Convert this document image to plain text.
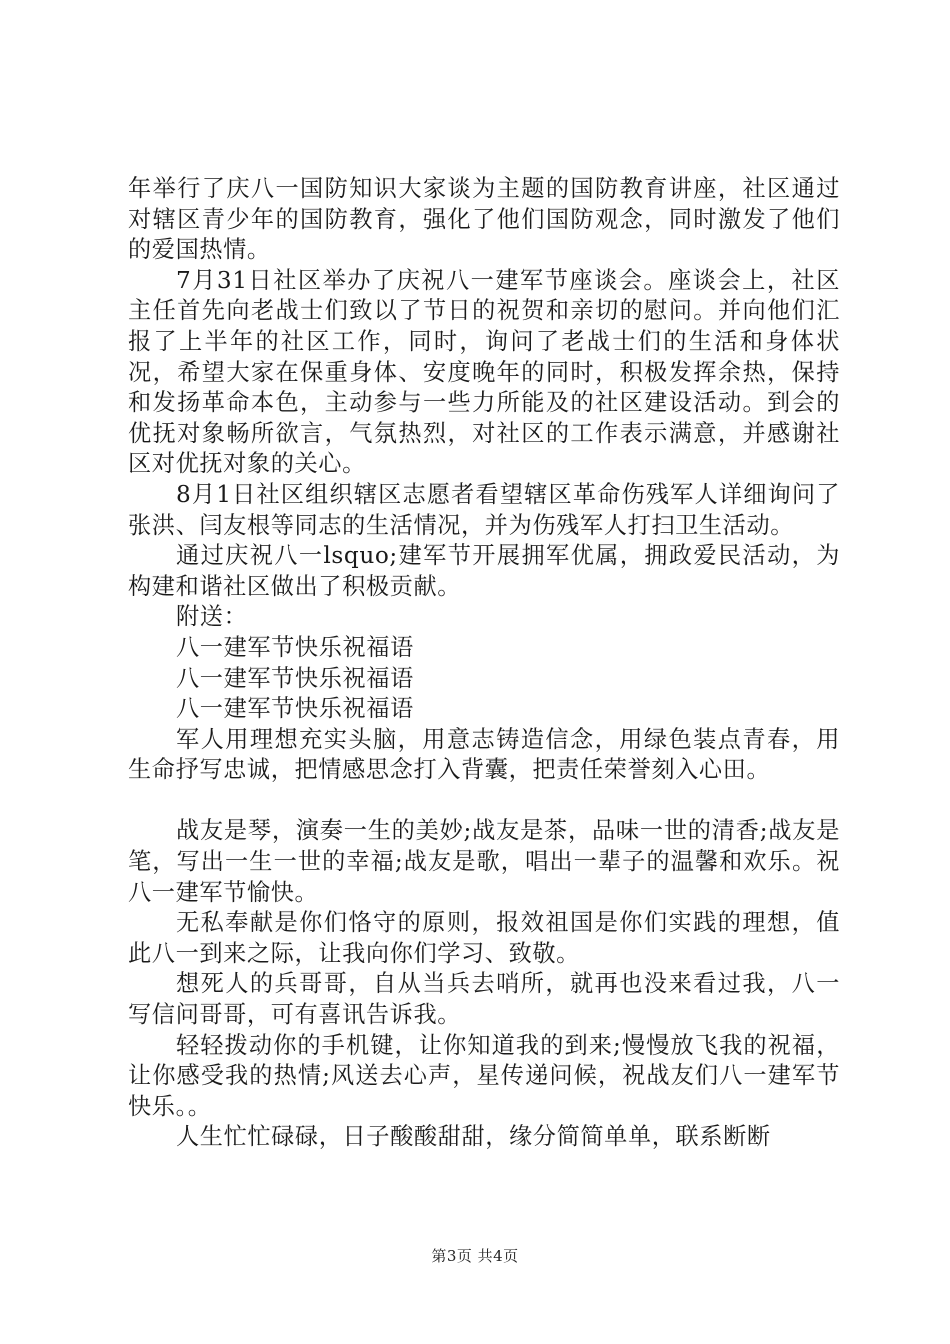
年举行了庆八一国防知识大家谈为主题的国防教育讲座，社区通过对辖区青少年的国防教育，强化了他们国防观念，同时激发了他们的爱国热情。

7月31日社区举办了庆祝八一建军节座谈会。座谈会上，社区主任首先向老战士们致以了节日的祝贺和亲切的慰问。并向他们汇报了上半年的社区工作，同时，询问了老战士们的生活和身体状况，希望大家在保重身体、安度晚年的同时，积极发挥余热，保持和发扬革命本色，主动参与一些力所能及的社区建设活动。到会的优抚对象畅所欲言，气氛热烈，对社区的工作表示满意，并感谢社区对优抚对象的关心。

8月1日社区组织辖区志愿者看望辖区革命伤残军人详细询问了张洪、闫友根等同志的生活情况，并为伤残军人打扫卫生活动。

通过庆祝八一lsquo;建军节开展拥军优属，拥政爱民活动，为构建和谐社区做出了积极贡献。

附送：

八一建军节快乐祝福语

八一建军节快乐祝福语

八一建军节快乐祝福语

军人用理想充实头脑，用意志铸造信念，用绿色装点青春，用生命抒写忠诚，把情感思念打入背囊，把责任荣誉刻入心田。

战友是琴，演奏一生的美妙;战友是茶，品味一世的清香;战友是笔，写出一生一世的幸福;战友是歌，唱出一辈子的温馨和欢乐。祝八一建军节愉快。

无私奉献是你们恪守的原则，报效祖国是你们实践的理想，值此八一到来之际，让我向你们学习、致敬。

想死人的兵哥哥，自从当兵去哨所，就再也没来看过我，八一写信问哥哥，可有喜讯告诉我。

轻轻拨动你的手机键，让你知道我的到来;慢慢放飞我的祝福，让你感受我的热情;风送去心声，星传递问候，祝战友们八一建军节快乐。。

人生忙忙碌碌，日子酸酸甜甜，缘分简简单单，联系断断

第3页 共4页
